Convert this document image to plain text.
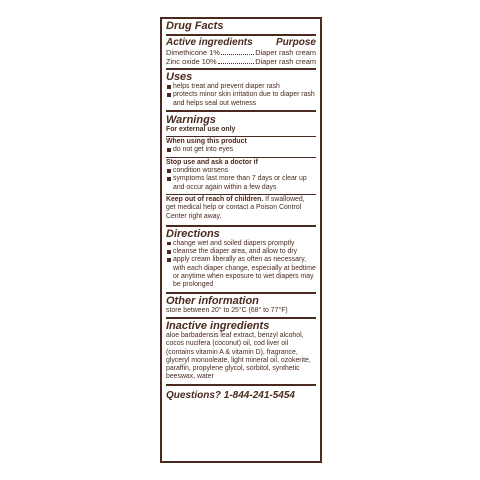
Drug Facts

Active ingredients Purpose
Dimethicone 1%	Diaper rash cream
Zinc oxide 10%	Diaper rash cream

Uses

helps treat and prevent diaper rash
protects minor skin irritation due to diaper rash and helps seal out wetness

Warnings

For external use only

When using this product

do not get into eyes

Stop use and ask a doctor if

condition worsens
symptoms last more than 7 days or clear up and occur again within a few days

Keep out of reach of children. If swallowed, get medical help or contact a Poison Control Center right away.

Directions

change wet and soiled diapers promptly
cleanse the diaper area, and allow to dry
apply cream liberally as often as necessary, with each diaper change, especially at bedtime or anytime when exposure to wet diapers may be prolonged

Other information

store between 20° to 25°C (68° to 77°F)

Inactive ingredients

aloe barbadensis leaf extract, benzyl alcohol, cocos nucifera (coconut) oil, cod liver oil (contains vitamin A & vitamin D), fragrance, glyceryl monooleate, light mineral oil, ozokerite, paraffin, propylene glycol, sorbitol, synthetic beeswax, water

Questions? 1-844-241-5454
